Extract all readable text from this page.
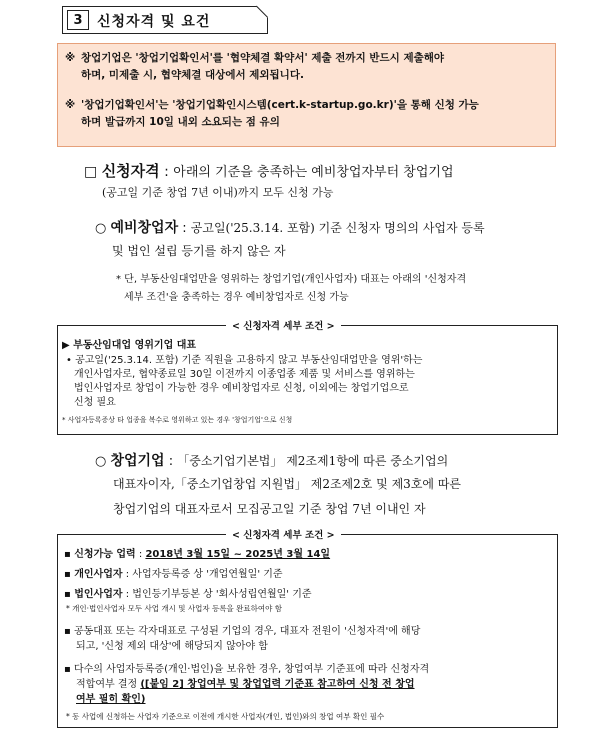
3	신청자격 및 요건

※ 창업기업은 '창업기업확인서'를 '협약체결 확약서' 제출 전까지 반드시 제출해야
하며, 미제출 시, 협약체결 대상에서 제외됩니다.

※ '창업기업확인서'는 '창업기업확인시스템(cert.k-startup.go.kr)'을 통해 신청 가능
하며 발급까지 10일 내외 소요되는 점 유의

□ 신청자격 : 아래의 기준을 충족하는 예비창업자부터 창업기업
(공고일 기준 창업 7년 이내)까지 모두 신청 가능
○ 예비창업자 : 공고일('25.3.14. 포함) 기준 신청자 명의의 사업자 등록
및 법인 설립 등기를 하지 않은 자
* 단, 부동산임대업만을 영위하는 창업기업(개인사업자) 대표는 아래의 '신청자격
세부 조건'을 충족하는 경우 예비창업자로 신청 가능
< 신청자격 세부 조건 >
▶ 부동산임대업 영위기업 대표
• 공고일('25.3.14. 포함) 기준 직원을 고용하지 않고 부동산임대업만을 영위'하는
개인사업자로, 협약종료일 30일 이전까지 이종업종 제품 및 서비스를 영위하는
법인사업자로 창업이 가능한 경우 예비창업자로 신청, 이외에는 창업기업으로
신청 필요
* 사업자등록증상 타 업종을 복수로 영위하고 있는 경우 '창업기업'으로 신청
○ 창업기업 : 「중소기업기본법」 제2조제1항에 따른 중소기업의
대표자이자,「중소기업창업 지원법」 제2조제2호 및 제3호에 따른
창업기업의 대표자로서 모집공고일 기준 창업 7년 이내인 자
< 신청자격 세부 조건 >
▪ 신청가능 업력 : 2018년 3월 15일 ~ 2025년 3월 14일
▪ 개인사업자 : 사업자등록증 상 '개업연월일' 기준
▪ 법인사업자 : 법인등기부등본 상 '회사성립연월일' 기준
* 개인·법인사업자 모두 사업 개시 및 사업자 등록을 완료하여야 함
▪ 공동대표 또는 각자대표로 구성된 기업의 경우, 대표자 전원이 '신청자격'에 해당
되고, '신청 제외 대상'에 해당되지 않아야 함
▪ 다수의 사업자등록증(개인·법인)을 보유한 경우, 창업여부 기준표에 따라 신청자격
적합여부 결정 ([붙임 2] 창업여부 및 창업업력 기준표 참고하여 신청 전 창업
여부 필히 확인)
* 동 사업에 신청하는 사업자 기준으로 이전에 개시한 사업자(개인, 법인)와의 창업 여부 확인 필수
